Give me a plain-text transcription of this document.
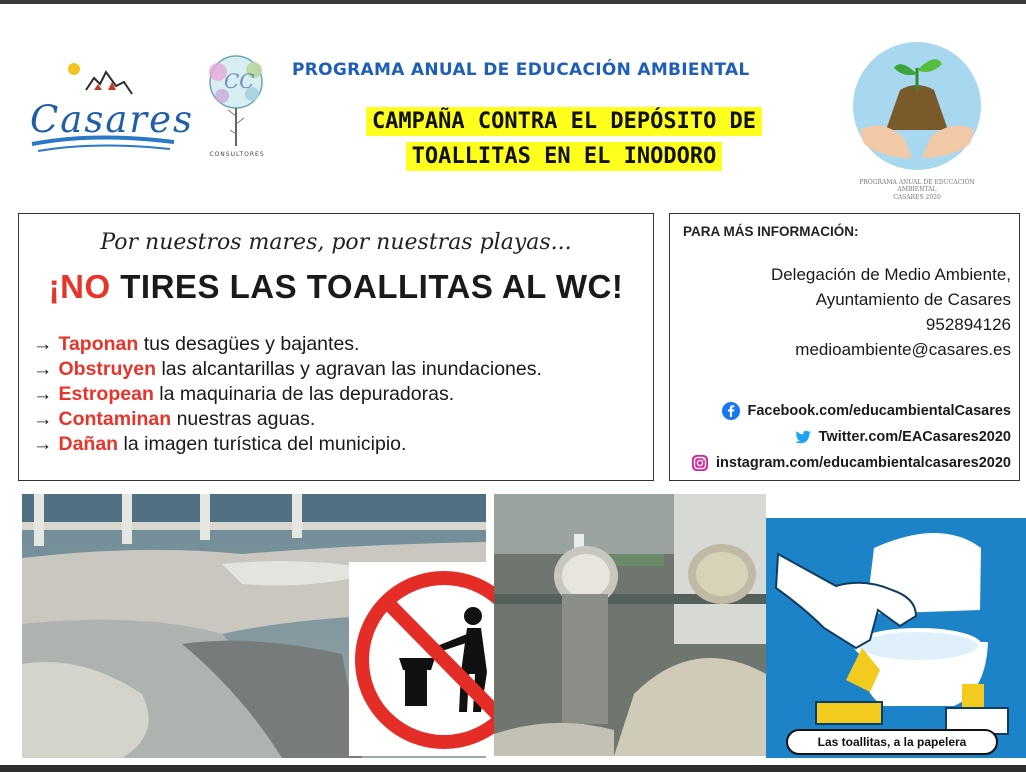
Casares
CC
CONSULTORES
PROGRAMA ANUAL DE EDUCACIÓN AMBIENTAL
CAMPAÑA CONTRA EL DEPÓSITO DE
TOALLITAS EN EL INODORO
PROGRAMA ANUAL DE EDUCACIÓN AMBIENTAL
CASARES 2020
Por nuestros mares, por nuestras playas...
¡NO TIRES LAS TOALLITAS AL WC!
→ Taponan tus desagües y bajantes.
→ Obstruyen las alcantarillas y agravan las inundaciones.
→ Estropean la maquinaria de las depuradoras.
→ Contaminan nuestras aguas.
→ Dañan la imagen turística del municipio.
PARA MÁS INFORMACIÓN:
Delegación de Medio Ambiente,
Ayuntamiento de Casares
952894126
medioambiente@casares.es
Facebook.com/educambientalCasares
Twitter.com/EACasares2020
instagram.com/educambientalcasares2020
Las toallitas, a la papelera
